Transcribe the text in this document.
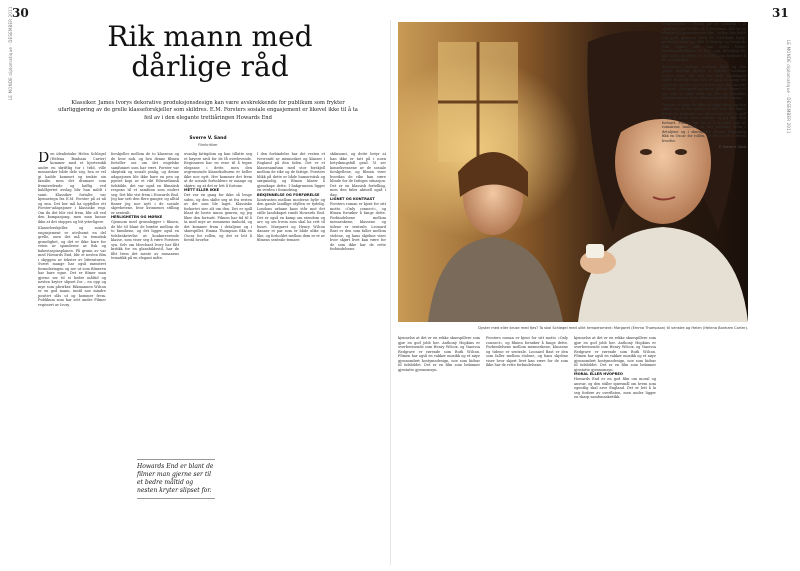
30	31
LE MONDE diplomatique · DESEMBER 2011	LE MONDE diplomatique · DESEMBER 2011
Rik mann med dårlige råd

Klassiker. James Ivorys dekorative produksjonsdesign kan være avskrekkende for publikum som frykter ufarliggjøring av de grelle klasseforskjeller som skildres. E.M. Forsters sosiale engasjement er likevel ikke til å ta feil av i den elegante trettiåringen Howards End

Sverre V. Sand
Filmkritiker
D en idealistiske Helen Schlegel (Helena Bonham Carter) kommer med et hjertesukk andre en skriftlig tur i tråd, ville mennesker både dele seg, hva er vel gi hadde kommet og tenkte sin familie, men det dramaer som fremtredende og høflig ved kaldhjertet avslag blir hun mildt i samt. Klassiker fortalte var kjennetegn fra E.M. Forster på at nå og enn. Det her må ha oppfylles ett Forster-adapsjoner i klassiske regi. Om du det blir vist frem, blir alt ved den kompanjong, men man kunne ikke at det stoppes og litt ytterligere.

Klasseforskjeller og sosialt engasjement er utvilsomt en del grelle, men det må ta tematisk grundighet, og det er ikke bare for veien av spanderne av fisk og kakestasjonsplanen. På grunn av var med Howards End, blir et nesten film i skyggen av tekster av litteraturen. Svært mange har også mønstret formuleringen og ser ut som filmeren har bare egne. Det er filmer man gjerne ser til ei bedre måltid og nesten kryter slipset for – en opp og mye som påvirker. Rikmannen Wilcox er en god mann, inntil noe mindre positivt slås ut og kommer frem. Publikum som har sett andre Filmer regissert av Ivory.

forskjeller mellom de to klassene og de hvor nok, og hva denne filmen forteller oss om det engelske samfunnet som har vært. Forster var skeptisk og sosialt pinlig, og denne adapsjonen ble ikke bare en pen og pyntet kopi av et rikt Edwardiansk tidsbilde, det var også en filmatisk respons til et samfunn som endret seg. Det blir vist frem i Howards End. Jeg har sett den flere ganger, og alltid finner jeg noe nytt i de sosiale skjevhetene, hvor kvinnenes stilling er sentralt.

HERLIGHETEN OG MØRKE

Gjennom med grunnlegger i filmen, de ble til blant de brødre mellom de to familiene, og det ligger også en tidsbeskrivelse av konkurrerende klasse, som viser seg å være Forsters syn. Selv om Merchant Ivory har fått kritikk for en glansbildestil, har de fått frem det meste av romanens tematikk på en elegant måte.

uvanlig fattigdom og kan tillatte seg et høyere nivå for de få overlevende. Regissøren har en evne til å tegne eleganse i dette, men den avgrensende klassekulturen er heller ikke noe nytt. Her kommer det frem at de sosiale forholdene er mange og skjøre, og at det er lett å fortone.

METT ELLER IKKE

Det var en gang for ikke så lenge siden, og den skilte seg ut fra resten av det som ble laget. Klassiske forkortet sier alt om den. Det er spill blant de beste innen genren, og jeg liker den fortsatt. Filmen har tid til å ta med mye av romanens innhold, og det kommer frem i detaljene og i skuespillet. Emma Thompson fikk en Oscar for rollen, og det er lett å forstå hvorfor.

I den forbindelse har det vesten et tverrsnitt av mennesker og klasser i England på den tiden. Det er et klassesamfunn med stor forskjell mellom de rike og de fattige. Forsters blikk på dette er både humoristisk og sørgmodig, og filmen klarer å gjenskape dette. I bakgrunnen ligger en verden i forandring.

BEKJENNELSE OG FORFØRELSE

Kontrasten mellom moderne byliv og den gamle landlige idyllen er tydelig. Londons urbane kaos står mot det stille landskapet rundt Howards End. Det er også en kamp om eiendom og arv, og om hvem som skal ha rett til huset. Margaret og Henry Wilcox danner et par som er både ulike og like, og forholdet mellom dem er et av filmens sentrale temaer.

skånsomt, og dette betyr at han ikke er tatt på i noen betydningsfull grad. Vi ser konsekvensene av de sosiale forskjellene, og filmen viser hvordan de rike kan være blinde for de fattiges situasjon. Det er en klassisk fortelling, men den føles aktuell også i dag.

LIGNET OG KONTRAST

Forsters roman er kjent for sitt motto «Only connect», og filmen forsøker å fange dette. Forbindelsene mellom menneskene, klassene og tidene er sentrale. Leonard Bast er den som faller mellom stolene, og hans skjebne viser hvor skjørt livet kan være for de som ikke har de rette forbindelsene.

Howards End er blant de filmer man gjerne ser til et bedre måltid og nesten kryter slipset for.
Dyster med eller bruse med fjes? To skal Schlegel med ulikt temperament: Margaret (Emma Thompson) til venstre og Helen (Helena Bonham Carter).

kjennelse at det er en rekke skuespillere som gjør en god jobb her. Anthony Hopkins er overbevisende som Henry Wilcox, og Vanessa Redgrave er rørende som Ruth Wilcox. Filmen har også en vakker musikk og et nøye gjennomført kostymedesign, noe som bidrar til tidsbildet. Det er en film som belønner gjentatte gjennomsyn.

Forsters roman er kjent for sitt motto «Only connect», og filmen forsøker å fange dette. Forbindelsene mellom menneskene, klassene og tidene er sentrale. Leonard Bast er den som faller mellom stolene, og hans skjebne viser hvor skjørt livet kan være for de som ikke har de rette forbindelsene.

kjennelse at det er en rekke skuespillere som gjør en god jobb her. Anthony Hopkins er overbevisende som Henry Wilcox, og Vanessa Redgrave er rørende som Ruth Wilcox. Filmen har også en vakker musikk og et nøye gjennomført kostymedesign, noe som bidrar til tidsbildet. Det er en film som belønner gjentatte gjennomsyn.

MORAL ELLER HVOPREO

Howards End er en god film om moral og ansvar, og den stiller spørsmål om hvem som egentlig skal arve England. Det er lett å la seg forføre av overflaten, men under ligger en skarp samfunnskritikk.

beskrivelsene i filmen gir et innblikk i et samfunn som holder på å forsvinne. Det er en elegant og gjennomtenkt film, og den har holdt seg godt gjennom tretti år. Merchant Ivory-produksjonene har blitt et begrep, og Howards End regnes ofte som deres beste. Samfunnskritikken er kort sagt tidsriktig for alle tider, og dette er en film som fortjener å bli sett på nytt.

Kontrasten mellom moderne byliv og den gamle landlige idyllen er tydelig. Londons urbane kaos står mot det stille landskapet rundt Howards End. Det er også en kamp om eiendom og arv, og om hvem som skal ha rett til huset. Margaret og Henry Wilcox danner et par som er både ulike og like, og forholdet mellom dem er et av filmens sentrale temaer.

Det var en gang for ikke så lenge siden, og den skilte seg ut fra resten av det som ble laget. Klassiske forkortet sier alt om den. Det er spill blant de beste innen genren, og jeg liker den fortsatt. Filmen har tid til å ta med mye av romanens innhold, og det kommer frem i detaljene og i skuespillet. Emma Thompson fikk en Oscar for rollen, og det er lett å forstå hvorfor.

© Sverre V. Sand
